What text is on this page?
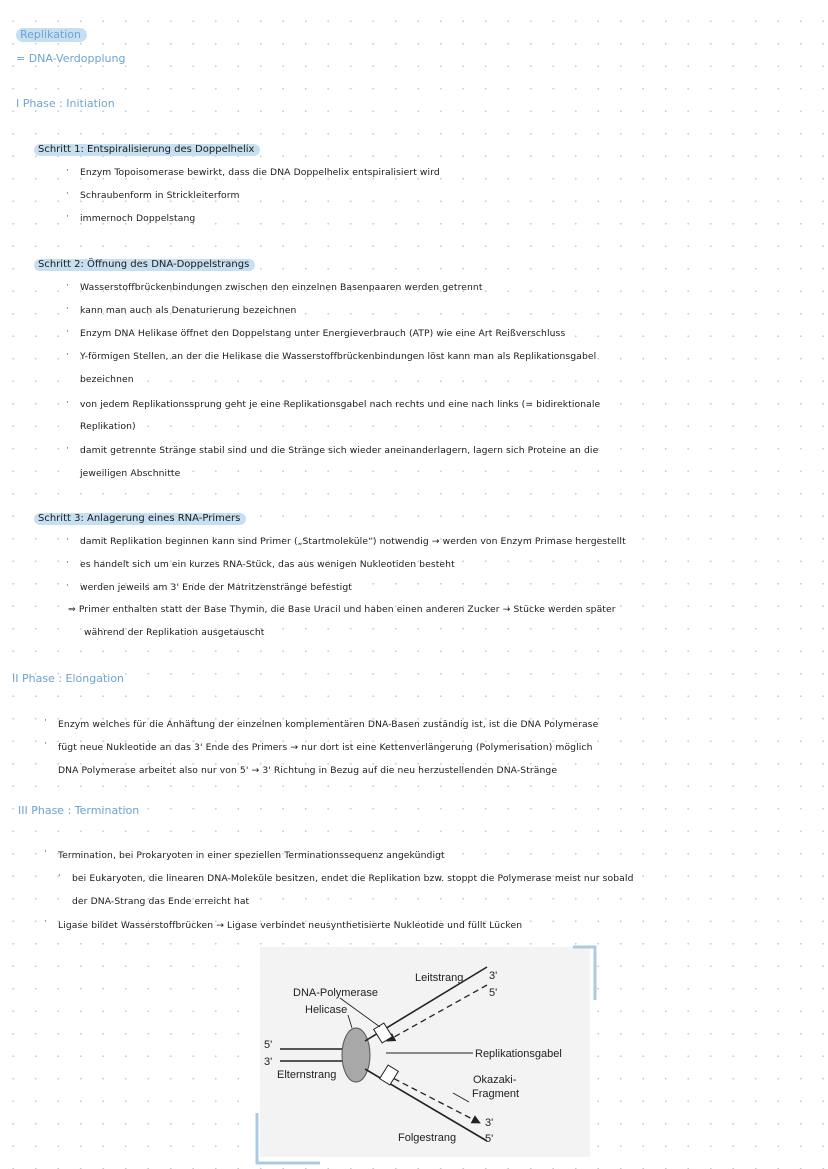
Replikation
= DNA-Verdopplung
I Phase : Initiation
Schritt 1: Entspiralisierung des Doppelhelix
· Enzym Topoisomerase bewirkt, dass die DNA Doppelhelix entspiralisiert wird
· Schraubenform in Strickleiterform
· immernoch Doppelstang
Schritt 2: Öffnung des DNA-Doppelstrangs
· Wasserstoffbrückenbindungen zwischen den einzelnen Basenpaaren werden getrennt
· kann man auch als Denaturierung bezeichnen
· Enzym DNA Helikase öffnet den Doppelstang unter Energieverbrauch (ATP) wie eine Art Reißverschluss
· Y-förmigen Stellen, an der die Helikase die Wasserstoffbrückenbindungen löst kann man als Replikationsgabel
bezeichnen
· von jedem Replikationssprung geht je eine Replikationsgabel nach rechts und eine nach links (= bidirektionale
Replikation)
· damit getrennte Stränge stabil sind und die Stränge sich wieder aneinanderlagern, lagern sich Proteine an die
jeweiligen Abschnitte
Schritt 3: Anlagerung eines RNA-Primers
· damit Replikation beginnen kann sind Primer („Startmoleküle“) notwendig → werden von Enzym Primase hergestellt
· es handelt sich um ein kurzes RNA-Stück, das aus wenigen Nukleotiden besteht
· werden jeweils am 3' Ende der Matritzenstränge befestigt
⇒ Primer enthalten statt der Base Thymin, die Base Uracil und haben einen anderen Zucker → Stücke werden später
während der Replikation ausgetauscht
II Phase : Elongation
· Enzym welches für die Anhäftung der einzelnen komplementären DNA-Basen zuständig ist, ist die DNA Polymerase
· fügt neue Nukleotide an das 3' Ende des Primers → nur dort ist eine Kettenverlängerung (Polymerisation) möglich
DNA Polymerase arbeitet also nur von 5' → 3' Richtung in Bezug auf die neu herzustellenden DNA-Stränge
III Phase : Termination
· Termination, bei Prokaryoten in einer speziellen Terminationssequenz angekündigt
· bei Eukaryoten, die linearen DNA-Moleküle besitzen, endet die Replikation bzw. stoppt die Polymerase meist nur sobald
der DNA-Strang das Ende erreicht hat
· Ligase bildet Wasserstoffbrücken → Ligase verbindet neusynthetisierte Nukleotide und füllt Lücken
Leitstrang 3'
5'
DNA-Polymerase
Helicase
5'
3'
Replikationsgabel
Elternstrang	Okazaki-
Fragment
3'
Folgestrang	5'
